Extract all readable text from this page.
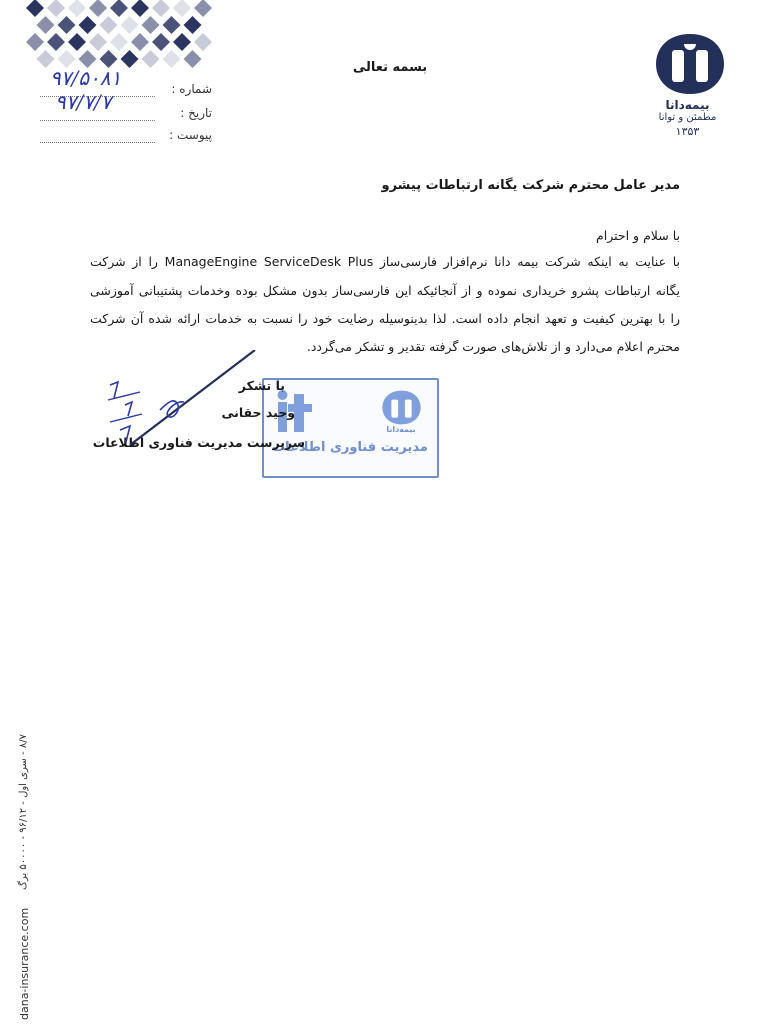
بیمه‌دانا
مطمئن و توانا
۱۳۵۳
بسمه تعالی
شماره :
۹۷/۵۰۸۱
تاریخ :
۹۷/۷/۷
پیوست :
مدیر عامل محترم شرکت یگانه ارتباطات پیشرو
با سلام و احترام
با عنایت به اینکه شرکت بیمه دانا نرم‌افزار فارسی‌ساز ManageEngine ServiceDesk Plus را از شرکت
یگانه ارتباطات پشرو خریداری نموده و از آنجائیکه این فارسی‌ساز بدون مشکل بوده وخدمات پشتیبانی آموزشی
را با بهترین کیفیت و تعهد انجام داده است. لذا بدینوسیله رضایت خود را نسبت به خدمات ارائه شده آن شرکت
محترم اعلام می‌دارد و از تلاش‌های صورت گرفته تقدیر و تشکر می‌گردد.
بیمه‌دانا
مدیریت فناوری اطلاعات
با تشکر
وحید حقانی
سرپرست مدیریت فناوری اطلاعات
۸/۷ - سری اول - ۹۶/۱۲ - ۵۰۰۰۰ برگ
dana-insurance.com
